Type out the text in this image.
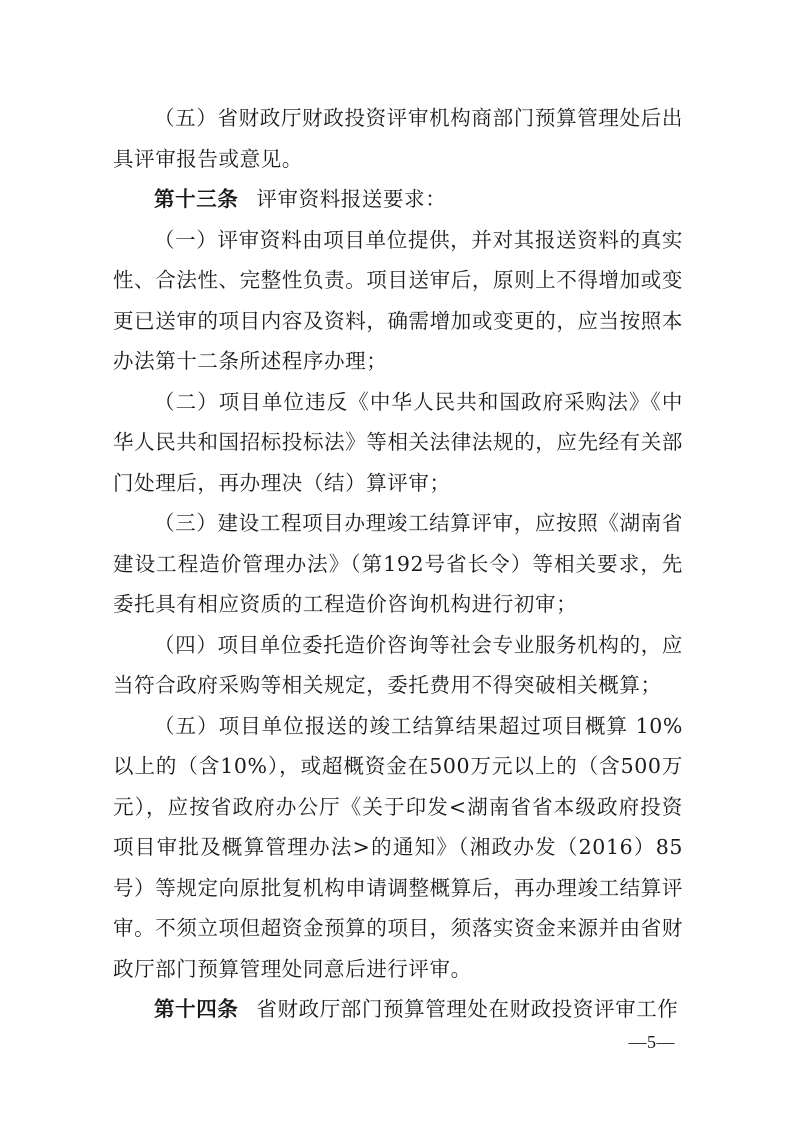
（五）省财政厅财政投资评审机构商部门预算管理处后出具评审报告或意见。

第十三条 评审资料报送要求：

（一）评审资料由项目单位提供，并对其报送资料的真实性、合法性、完整性负责。项目送审后，原则上不得增加或变更已送审的项目内容及资料，确需增加或变更的，应当按照本办法第十二条所述程序办理；

（二）项目单位违反《中华人民共和国政府采购法》《中华人民共和国招标投标法》等相关法律法规的，应先经有关部门处理后，再办理决（结）算评审；

（三）建设工程项目办理竣工结算评审，应按照《湖南省建设工程造价管理办法》（第192号省长令）等相关要求，先委托具有相应资质的工程造价咨询机构进行初审；

（四）项目单位委托造价咨询等社会专业服务机构的，应当符合政府采购等相关规定，委托费用不得突破相关概算；

（五）项目单位报送的竣工结算结果超过项目概算 10%以上的（含10%），或超概资金在500万元以上的（含500万元），应按省政府办公厅《关于印发<湖南省省本级政府投资项目审批及概算管理办法>的通知》（湘政办发（2016）85号）等规定向原批复机构申请调整概算后，再办理竣工结算评审。不须立项但超资金预算的项目，须落实资金来源并由省财政厅部门预算管理处同意后进行评审。

第十四条 省财政厅部门预算管理处在财政投资评审工作

—5—
